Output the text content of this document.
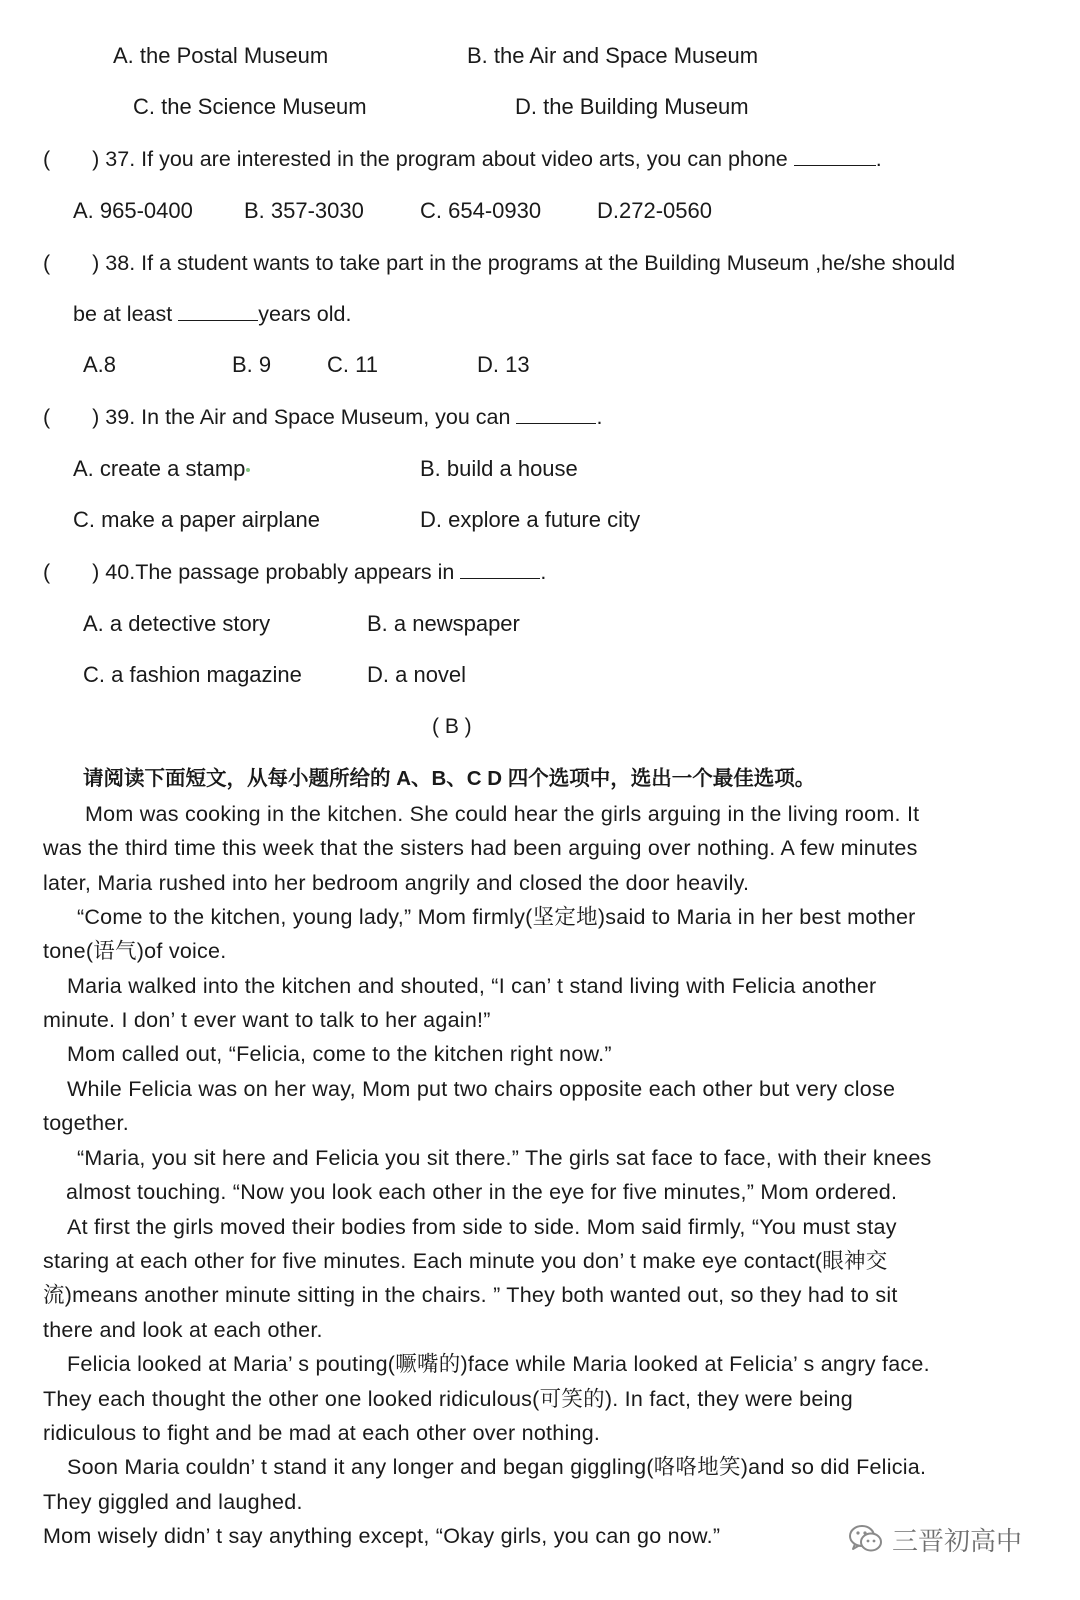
A. the Postal Museum	B. the Air and Space Museum
C. the Science Museum	D. the Building Museum
( ) 37. If you are interested in the program about video arts, you can phone	.
A. 965-0400 B. 357-3030	C. 654-0930	D.272-0560
( ) 38. If a student wants to take part in the programs at the Building Museum ,he/she should
be at least	years old.
A.8	B. 9	C. 11	D. 13
( ) 39. In the Air and Space Museum, you can	.
A. create a stamp	B. build a house
C. make a paper airplane	D. explore a future city
( ) 40.The passage probably appears in	.
A. a detective story	B. a newspaper
C. a fashion magazine	D. a novel
( B )
请阅读下面短文，从每小题所给的 A、B、C D 四个选项中，选出一个最佳选项。
Mom was cooking in the kitchen. She could hear the girls arguing in the living room. It
was the third time this week that the sisters had been arguing over nothing. A few minutes
later, Maria rushed into her bedroom angrily and closed the door heavily.
“Come to the kitchen, young lady,” Mom firmly(坚定地)said to Maria in her best mother
tone(语气)of voice.
Maria walked into the kitchen and shouted, “I can’ t stand living with Felicia another
minute. I don’ t ever want to talk to her again!”
Mom called out, “Felicia, come to the kitchen right now.”
While Felicia was on her way, Mom put two chairs opposite each other but very close
together.
“Maria, you sit here and Felicia you sit there.” The girls sat face to face, with their knees
almost touching. “Now you look each other in the eye for five minutes,” Mom ordered.
At first the girls moved their bodies from side to side. Mom said firmly, “You must stay
staring at each other for five minutes. Each minute you don’ t make eye contact(眼神交
流)means another minute sitting in the chairs. ” They both wanted out, so they had to sit
there and look at each other.
Felicia looked at Maria’ s pouting(噘嘴的)face while Maria looked at Felicia’ s angry face.
They each thought the other one looked ridiculous(可笑的). In fact, they were being
ridiculous to fight and be mad at each other over nothing.
Soon Maria couldn’ t stand it any longer and began giggling(咯咯地笑)and so did Felicia.
They giggled and laughed.
Mom wisely didn’ t say anything except, “Okay girls, you can go now.”	三晋初高中
